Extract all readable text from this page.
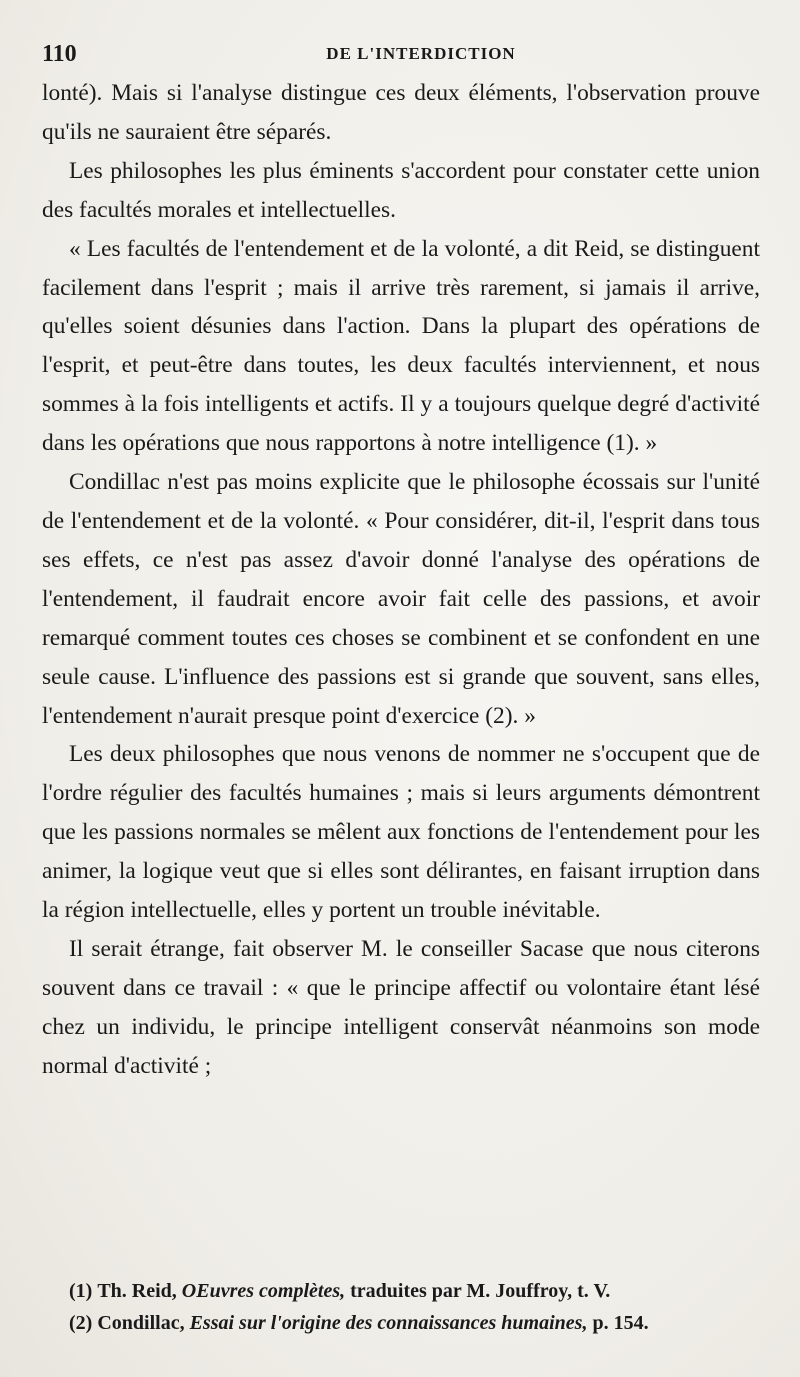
110	DE L'INTERDICTION

lonté). Mais si l'analyse distingue ces deux éléments, l'observation prouve qu'ils ne sauraient être séparés.

Les philosophes les plus éminents s'accordent pour constater cette union des facultés morales et intellectuelles.

« Les facultés de l'entendement et de la volonté, a dit Reid, se distinguent facilement dans l'esprit ; mais il arrive très rarement, si jamais il arrive, qu'elles soient désunies dans l'action. Dans la plupart des opérations de l'esprit, et peut-être dans toutes, les deux facultés interviennent, et nous sommes à la fois intelligents et actifs. Il y a toujours quelque degré d'activité dans les opérations que nous rapportons à notre intelligence (1). »

Condillac n'est pas moins explicite que le philosophe écossais sur l'unité de l'entendement et de la volonté. « Pour considérer, dit-il, l'esprit dans tous ses effets, ce n'est pas assez d'avoir donné l'analyse des opérations de l'entendement, il faudrait encore avoir fait celle des passions, et avoir remarqué comment toutes ces choses se combinent et se confondent en une seule cause. L'influence des passions est si grande que souvent, sans elles, l'entendement n'aurait presque point d'exercice (2). »

Les deux philosophes que nous venons de nommer ne s'occupent que de l'ordre régulier des facultés humaines ; mais si leurs arguments démontrent que les passions normales se mêlent aux fonctions de l'entendement pour les animer, la logique veut que si elles sont délirantes, en faisant irruption dans la région intellectuelle, elles y portent un trouble inévitable.

Il serait étrange, fait observer M. le conseiller Sacase que nous citerons souvent dans ce travail : « que le principe affectif ou volontaire étant lésé chez un individu, le principe intelligent conservât néanmoins son mode normal d'activité ;

(1) Th. Reid, OEuvres complètes, traduites par M. Jouffroy, t. V.

(2) Condillac, Essai sur l'origine des connaissances humaines, p. 154.
